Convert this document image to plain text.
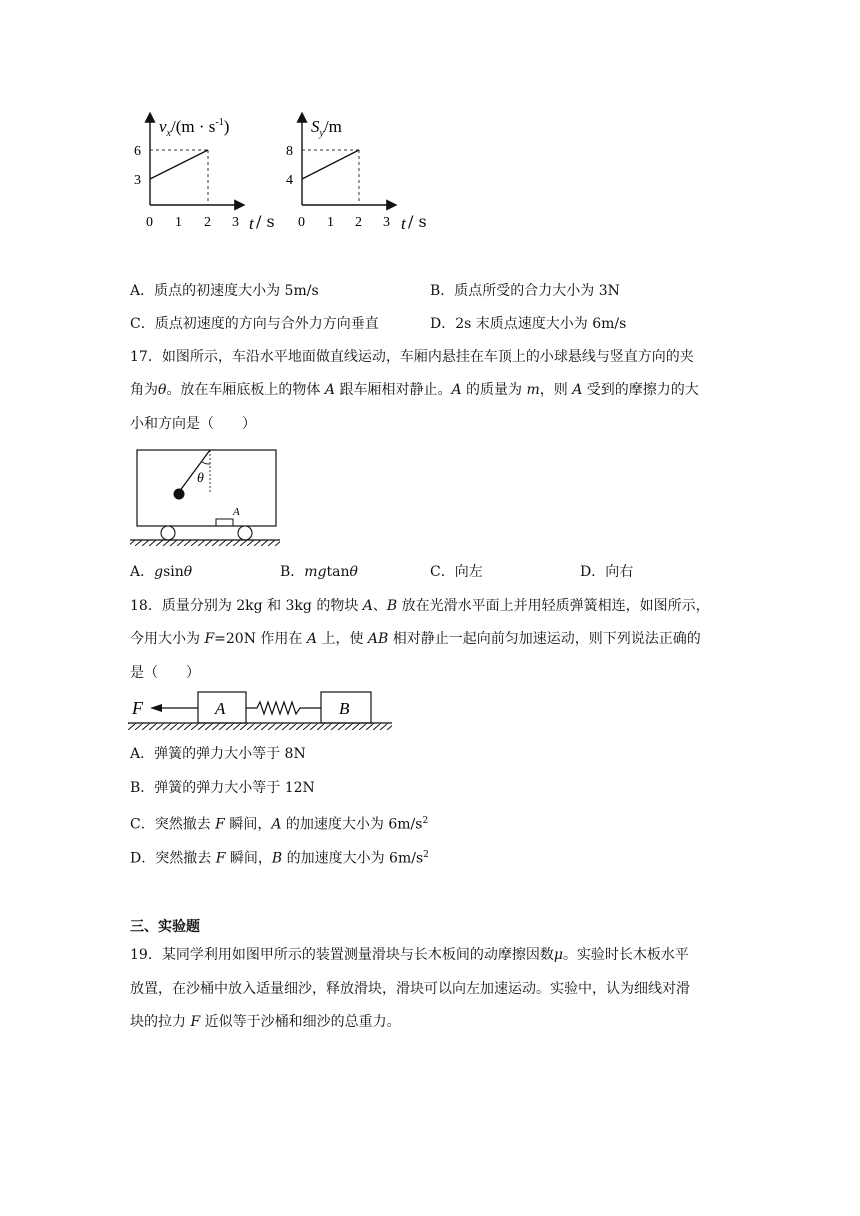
$v_x/(m \cdot s^{-1})$
6
3
0 1 2 3 t / s
$S_y/m$
8
4
0 1 2 3 t / s
A．质点的初速度大小为 5m/s	B．质点所受的合力大小为 3N
C．质点初速度的方向与合外力方向垂直	D．2s 末质点速度大小为 6m/s
17．如图所示，车沿水平地面做直线运动，车厢内悬挂在车顶上的小球悬线与竖直方向的夹
角为θ。放在车厢底板上的物体 A 跟车厢相对静止。A 的质量为 m，则 A 受到的摩擦力的大
小和方向是（　　）
θ
A
A．gsinθ	B．mgtanθ	C．向左	D．向右
18．质量分别为 2kg 和 3kg 的物块 A、B 放在光滑水平面上并用轻质弹簧相连，如图所示，
今用大小为 F=20N 作用在 A 上，使 AB 相对静止一起向前匀加速运动，则下列说法正确的
是（　　）
F	A	B
A．弹簧的弹力大小等于 8N
B．弹簧的弹力大小等于 12N
C．突然撤去 F 瞬间，A 的加速度大小为 $6m/s^2$
D．突然撤去 F 瞬间，B 的加速度大小为 $6m/s^2$
三、实验题
19．某同学利用如图甲所示的装置测量滑块与长木板间的动摩擦因数μ。实验时长木板水平
放置，在沙桶中放入适量细沙，释放滑块，滑块可以向左加速运动。实验中，认为细线对滑
块的拉力 F 近似等于沙桶和细沙的总重力。
